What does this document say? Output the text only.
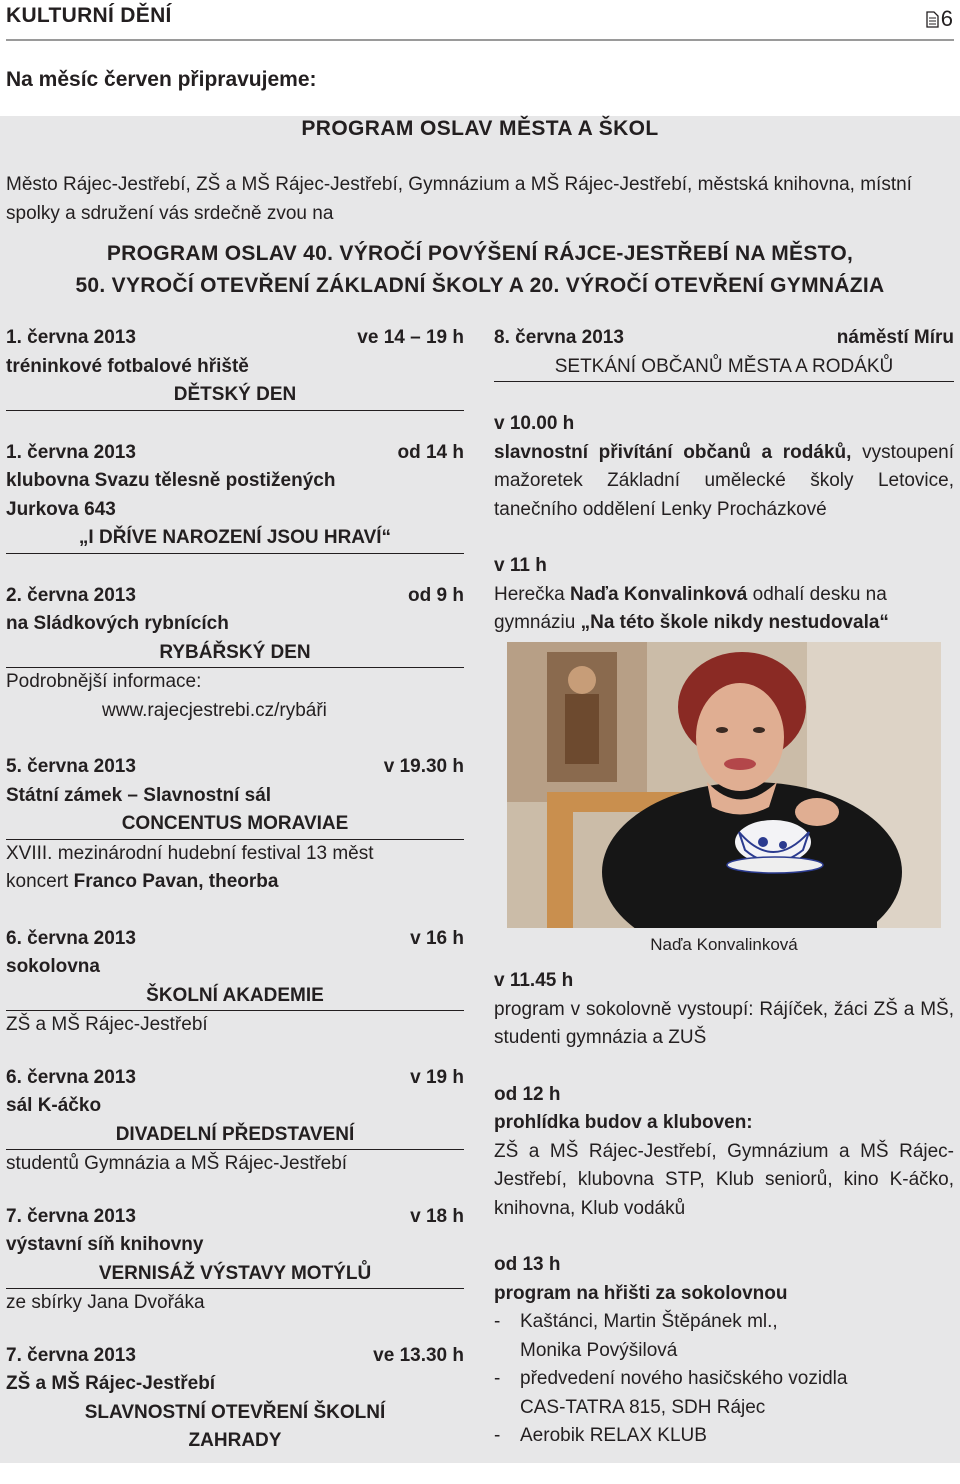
KULTURNÍ DĚNÍ	6
Na měsíc červen připravujeme:
PROGRAM OSLAV MĚSTA A ŠKOL
Město Rájec-Jestřebí, ZŠ a MŠ Rájec-Jestřebí, Gymnázium a MŠ Rájec-Jestřebí, městská knihovna, místní spolky a sdružení vás srdečně zvou na
PROGRAM OSLAV 40. VÝROČÍ POVÝŠENÍ RÁJCE-JESTŘEBÍ NA MĚSTO,
50. VYROČÍ OTEVŘENÍ ZÁKLADNÍ ŠKOLY A 20. VÝROČÍ OTEVŘENÍ GYMNÁZIA
1. června 2013	ve 14 – 19 h
tréninkové fotbalové hřiště
DĚTSKÝ DEN
1. června 2013	od 14 h
klubovna Svazu tělesně postižených
Jurkova 643
„I DŘÍVE NAROZENÍ JSOU HRAVÍ“
2. června 2013	od 9 h
na Sládkových rybnících
RYBÁŘSKÝ DEN
Podrobnější informace:
www.rajecjestrebi.cz/rybáři
5. června 2013	v 19.30 h
Státní zámek – Slavnostní sál
CONCENTUS MORAVIAE
XVIII. mezinárodní hudební festival 13 měst
koncert Franco Pavan, theorba
6. června 2013	v 16 h
sokolovna
ŠKOLNÍ AKADEMIE
ZŠ a MŠ Rájec-Jestřebí
6. června 2013	v 19 h
sál K-áčko
DIVADELNÍ PŘEDSTAVENÍ
studentů Gymnázia a MŠ Rájec-Jestřebí
7. června 2013	v 18 h
výstavní síň knihovny
VERNISÁŽ VÝSTAVY MOTÝLŮ
ze sbírky Jana Dvořáka
7. června 2013	ve 13.30 h
ZŠ a MŠ Rájec-Jestřebí
SLAVNOSTNÍ OTEVŘENÍ ŠKOLNÍ
ZAHRADY
8. června 2013	náměstí Míru
SETKÁNÍ OBČANŮ MĚSTA A RODÁKŮ
v 10.00 h
slavnostní přivítání občanů a rodáků, vystoupení mažoretek Základní umělecké školy Letovice, tanečního oddělení Lenky Procházkové
v 11 h
Herečka Naďa Konvalinková odhalí desku na gymnáziu „Na této škole nikdy nestudovala“
Naďa Konvalinková
v 11.45 h
program v sokolovně vystoupí: Rájíček, žáci ZŠ a MŠ, studenti gymnázia a ZUŠ
od 12 h
prohlídka budov a kluboven:
ZŠ a MŠ Rájec-Jestřebí, Gymnázium a MŠ Rájec-Jestřebí, klubovna STP, Klub seniorů, kino K-áčko, knihovna, Klub vodáků
od 13 h
program na hřišti za sokolovnou
- Kaštánci, Martin Štěpánek ml.,
Monika Povýšilová
- předvedení nového hasičského vozidla
CAS-TATRA 815, SDH Rájec
- Aerobik RELAX KLUB
